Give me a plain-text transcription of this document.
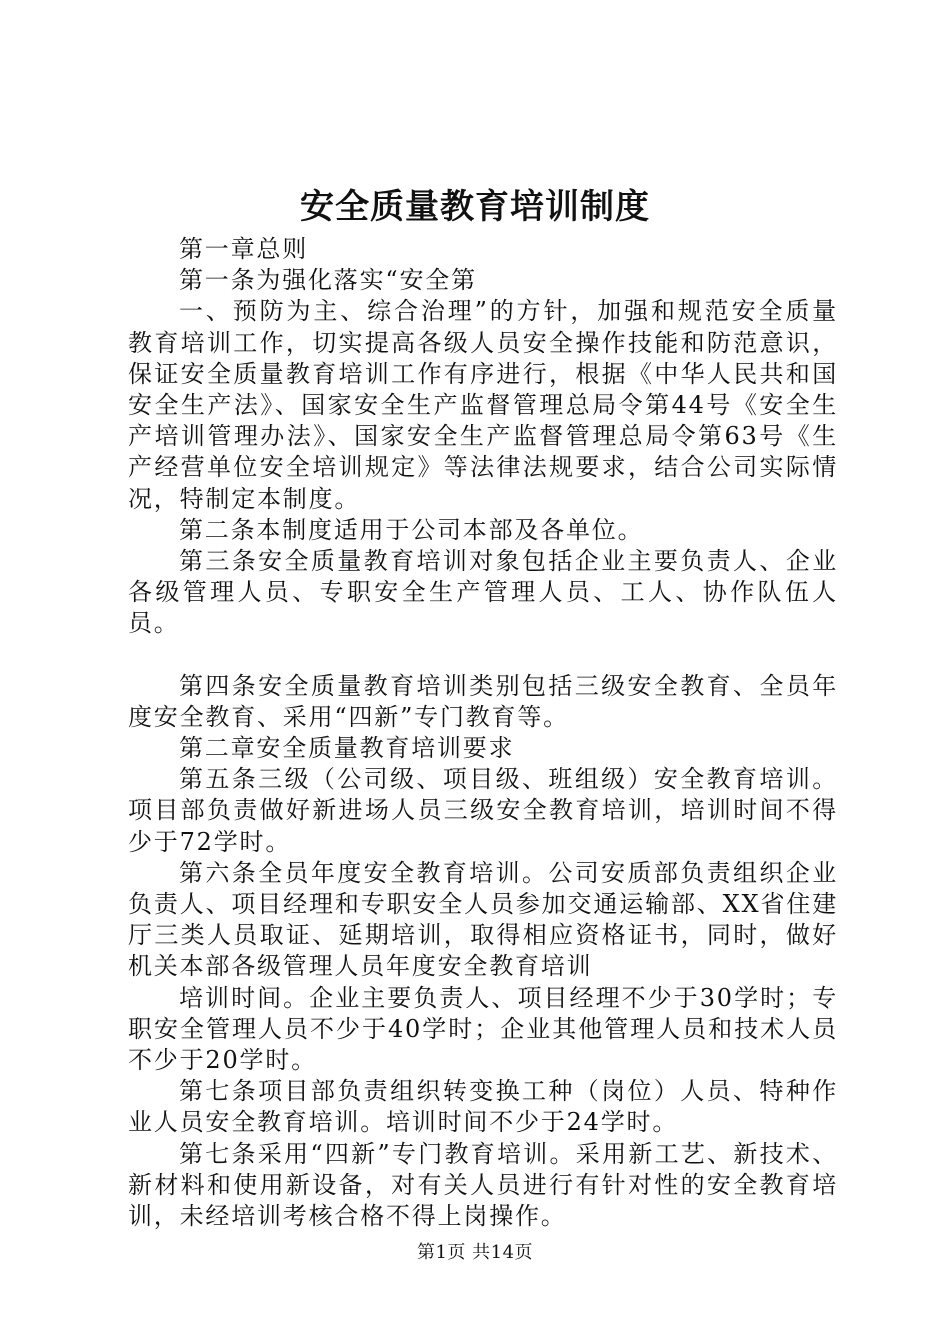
安全质量教育培训制度

第一章总则

第一条为强化落实“安全第

一、预防为主、综合治理”的方针，加强和规范安全质量教育培训工作，切实提高各级人员安全操作技能和防范意识，保证安全质量教育培训工作有序进行，根据《中华人民共和国安全生产法》、国家安全生产监督管理总局令第44号《安全生产培训管理办法》、国家安全生产监督管理总局令第63号《生产经营单位安全培训规定》等法律法规要求，结合公司实际情况，特制定本制度。

第二条本制度适用于公司本部及各单位。

第三条安全质量教育培训对象包括企业主要负责人、企业各级管理人员、专职安全生产管理人员、工人、协作队伍人员。

第四条安全质量教育培训类别包括三级安全教育、全员年度安全教育、采用“四新”专门教育等。

第二章安全质量教育培训要求

第五条三级（公司级、项目级、班组级）安全教育培训。项目部负责做好新进场人员三级安全教育培训，培训时间不得少于72学时。

第六条全员年度安全教育培训。公司安质部负责组织企业负责人、项目经理和专职安全人员参加交通运输部、XX省住建厅三类人员取证、延期培训，取得相应资格证书，同时，做好机关本部各级管理人员年度安全教育培训

培训时间。企业主要负责人、项目经理不少于30学时；专职安全管理人员不少于40学时；企业其他管理人员和技术人员不少于20学时。

第七条项目部负责组织转变换工种（岗位）人员、特种作业人员安全教育培训。培训时间不少于24学时。

第七条采用“四新”专门教育培训。采用新工艺、新技术、新材料和使用新设备，对有关人员进行有针对性的安全教育培训，未经培训考核合格不得上岗操作。

第1页 共14页
